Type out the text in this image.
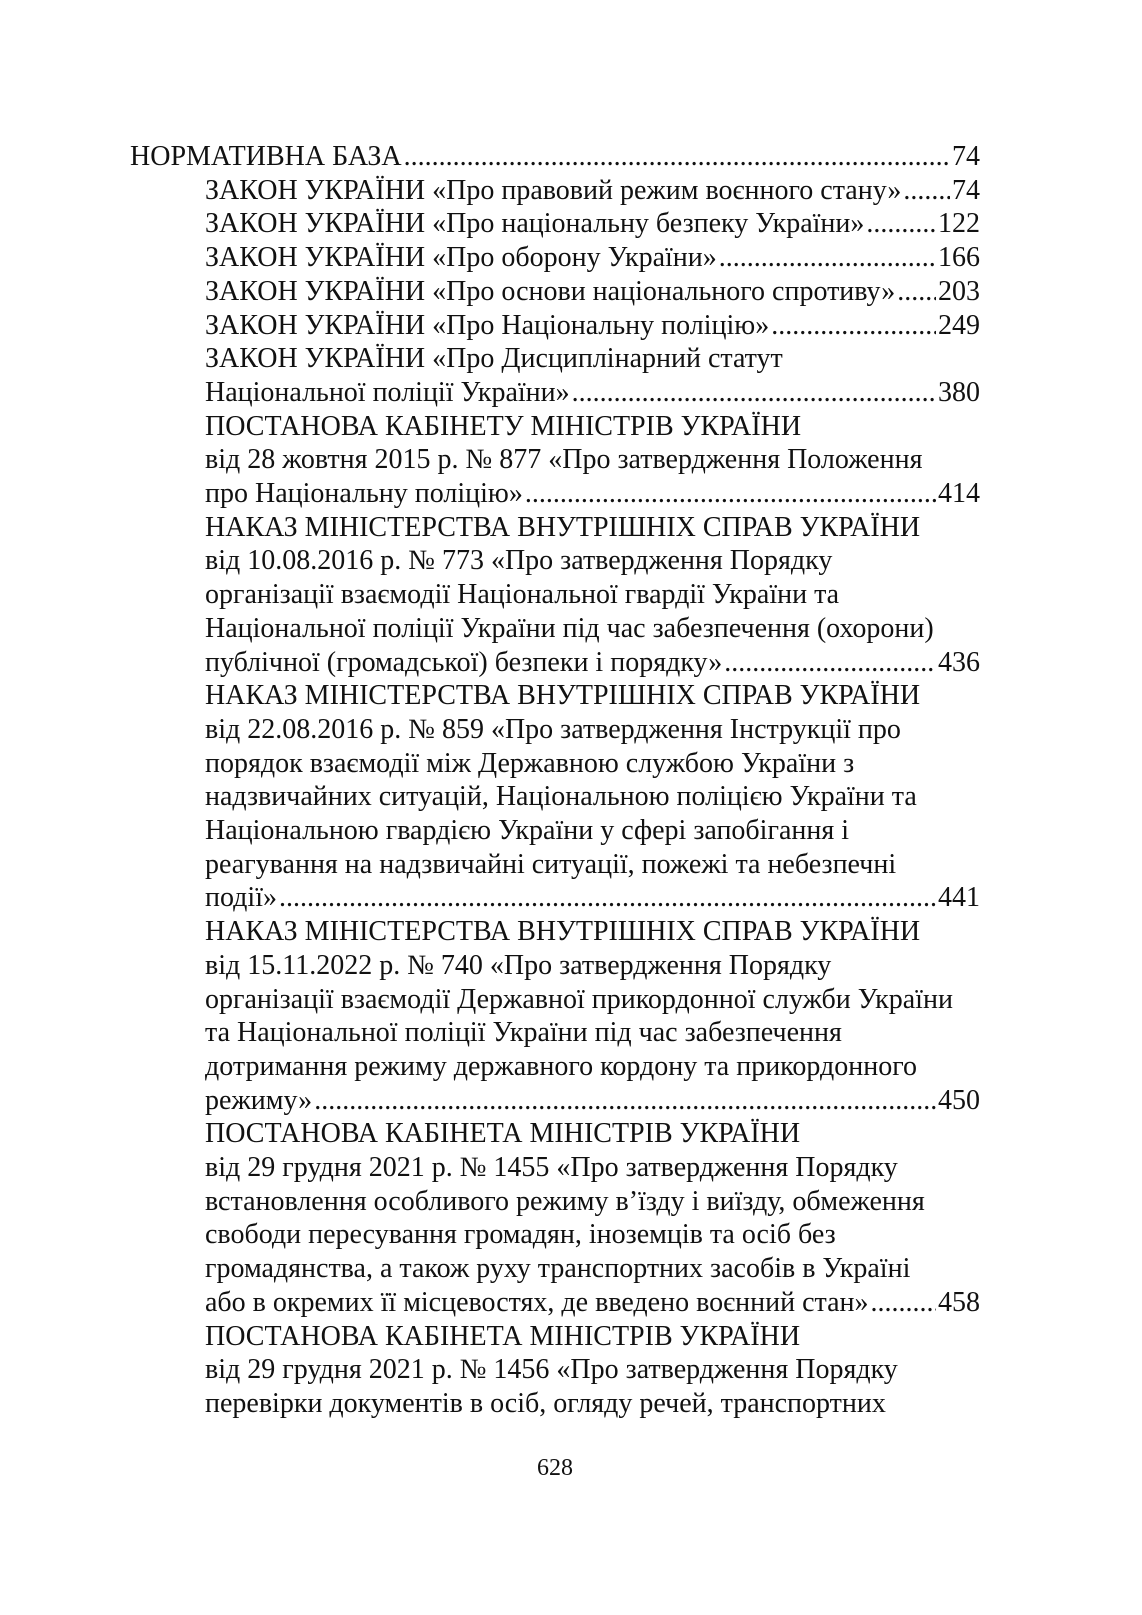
НОРМАТИВНА БАЗА . . .	74
ЗАКОН УКРАЇНИ «Про правовий режим воєнного стану» . . . 74
ЗАКОН УКРАЇНИ «Про національну безпеку України» . . .	122
ЗАКОН УКРАЇНИ «Про оборону України» . . .	166
ЗАКОН УКРАЇНИ «Про основи національного спротиву» . . . 203
ЗАКОН УКРАЇНИ «Про Національну поліцію» . . .	249
ЗАКОН УКРАЇНИ «Про Дисциплінарний статут
Національної поліції України» . . .	380
ПОСТАНОВА КАБІНЕТУ МІНІСТРІВ УКРАЇНИ
від 28 жовтня 2015 р. № 877 «Про затвердження Положення
про Національну поліцію» . . .	414
НАКАЗ МІНІСТЕРСТВА ВНУТРІШНІХ СПРАВ УКРАЇНИ
від 10.08.2016 р. № 773 «Про затвердження Порядку
організації взаємодії Національної гвардії України та
Національної поліції України під час забезпечення (охорони)
публічної (громадської) безпеки і порядку» . . .	436
НАКАЗ МІНІСТЕРСТВА ВНУТРІШНІХ СПРАВ УКРАЇНИ
від 22.08.2016 р. № 859 «Про затвердження Інструкції про
порядок взаємодії між Державною службою України з
надзвичайних ситуацій, Національною поліцією України та
Національною гвардією України у сфері запобігання і
реагування на надзвичайні ситуації, пожежі та небезпечні
події» . . .	441
НАКАЗ МІНІСТЕРСТВА ВНУТРІШНІХ СПРАВ УКРАЇНИ
від 15.11.2022 р. № 740 «Про затвердження Порядку
організації взаємодії Державної прикордонної служби України
та Національної поліції України під час забезпечення
дотримання режиму державного кордону та прикордонного
режиму» . . .	450
ПОСТАНОВА КАБІНЕТА МІНІСТРІВ УКРАЇНИ
від 29 грудня 2021 р. № 1455 «Про затвердження Порядку
встановлення особливого режиму в’їзду і виїзду, обмеження
свободи пересування громадян, іноземців та осіб без
громадянства, а також руху транспортних засобів в Україні
або в окремих її місцевостях, де введено воєнний стан» . . . 458
ПОСТАНОВА КАБІНЕТА МІНІСТРІВ УКРАЇНИ
від 29 грудня 2021 р. № 1456 «Про затвердження Порядку
перевірки документів в осіб, огляду речей, транспортних
628
